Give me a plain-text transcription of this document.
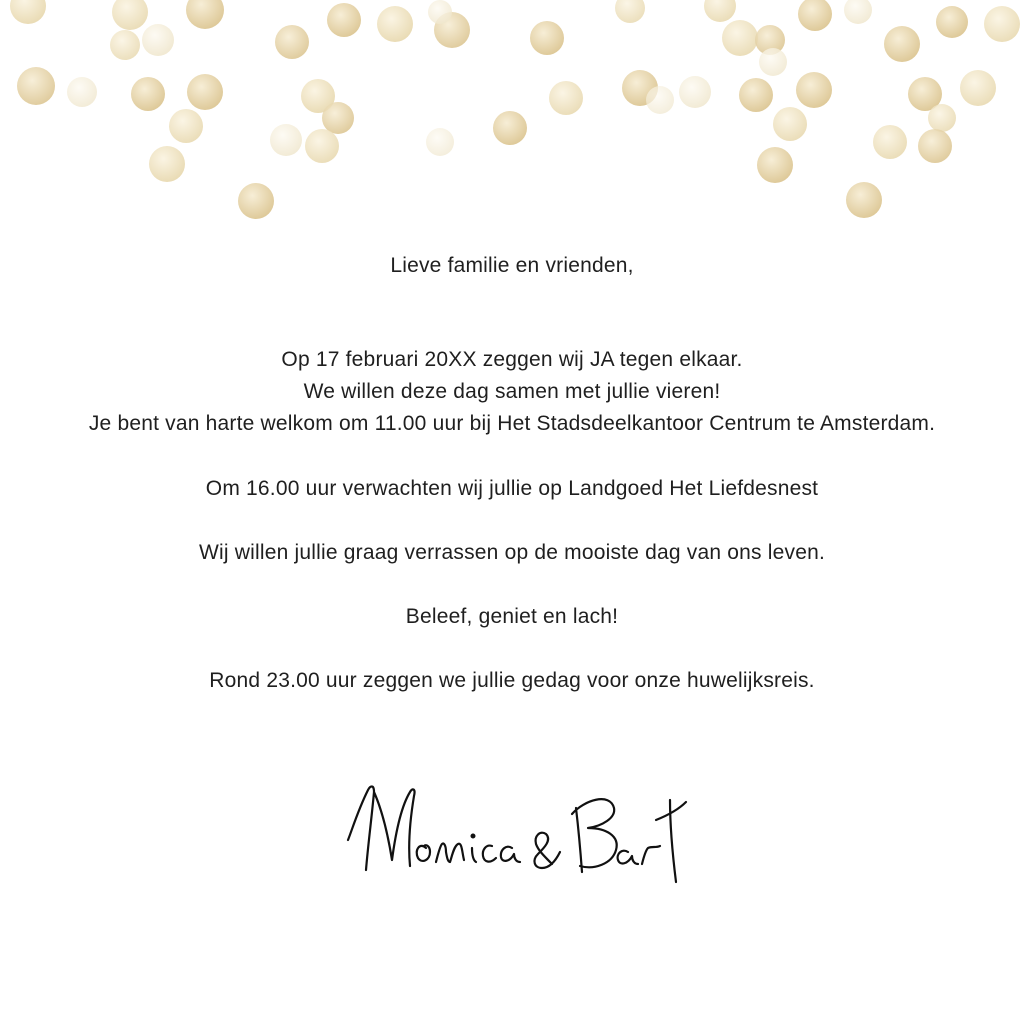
Lieve familie en vrienden,
Op 17 februari 20XX zeggen wij JA tegen elkaar.
We willen deze dag samen met jullie vieren!
Je bent van harte welkom om 11.00 uur bij Het Stadsdeelkantoor Centrum te Amsterdam.
Om 16.00 uur verwachten wij jullie op Landgoed Het Liefdesnest
Wij willen jullie graag verrassen op de mooiste dag van ons leven.
Beleef, geniet en lach!
Rond 23.00 uur zeggen we jullie gedag voor onze huwelijksreis.
